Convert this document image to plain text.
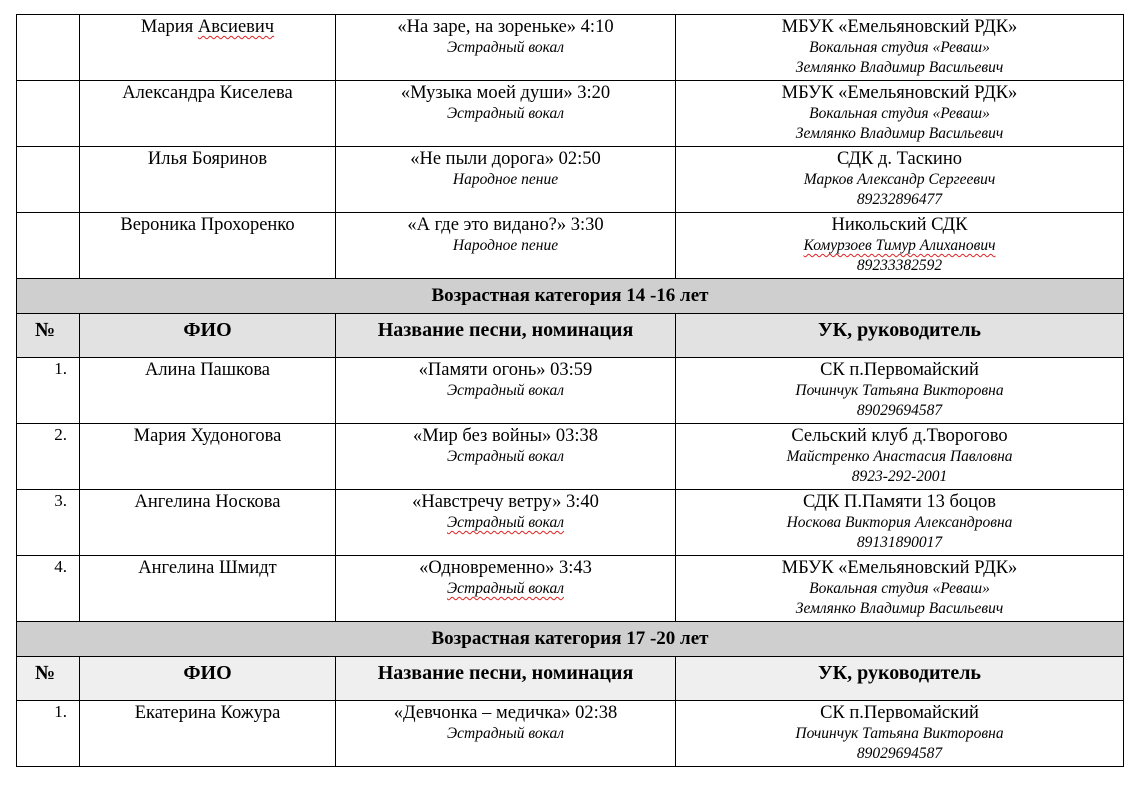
	Мария Авсиевич	«На заре, на зореньке» 4:10
Эстрадный вокал	МБУК «Емельяновский РДК»
Вокальная студия «Реваш»
Землянко Владимир Васильевич

	Александра Киселева	«Музыка моей души» 3:20
Эстрадный вокал	МБУК «Емельяновский РДК»
Вокальная студия «Реваш»
Землянко Владимир Васильевич

	Илья Бояринов	«Не пыли дорога» 02:50
Народное пение	СДК д. Таскино
Марков Александр Сергеевич
89232896477

	Вероника Прохоренко	«А где это видано?» 3:30
Народное пение	Никольский СДК
Комурзоев Тимур Алиханович
89233382592

Возрастная категория 14 -16 лет			
№	ФИО	Название песни, номинация	УК, руководитель
1.	Алина Пашкова	«Памяти огонь» 03:59
Эстрадный вокал	СК п.Первомайский
Починчук Татьяна Викторовна
89029694587

2.	Мария Худоногова	«Мир без войны» 03:38
Эстрадный вокал	Сельский клуб д.Творогово
Майстренко Анастасия Павловна
8923-292-2001

3.	Ангелина Носкова	«Навстречу ветру» 3:40
Эстрадный вокал	СДК П.Памяти 13 боцов
Носкова Виктория Александровна
89131890017

4.	Ангелина Шмидт	«Одновременно» 3:43
Эстрадный вокал	МБУК «Емельяновский РДК»
Вокальная студия «Реваш»
Землянко Владимир Васильевич

Возрастная категория 17 -20 лет			
№	ФИО	Название песни, номинация	УК, руководитель
1.	Екатерина Кожура	«Девчонка – медичка» 02:38
Эстрадный вокал	СК п.Первомайский
Починчук Татьяна Викторовна
89029694587
